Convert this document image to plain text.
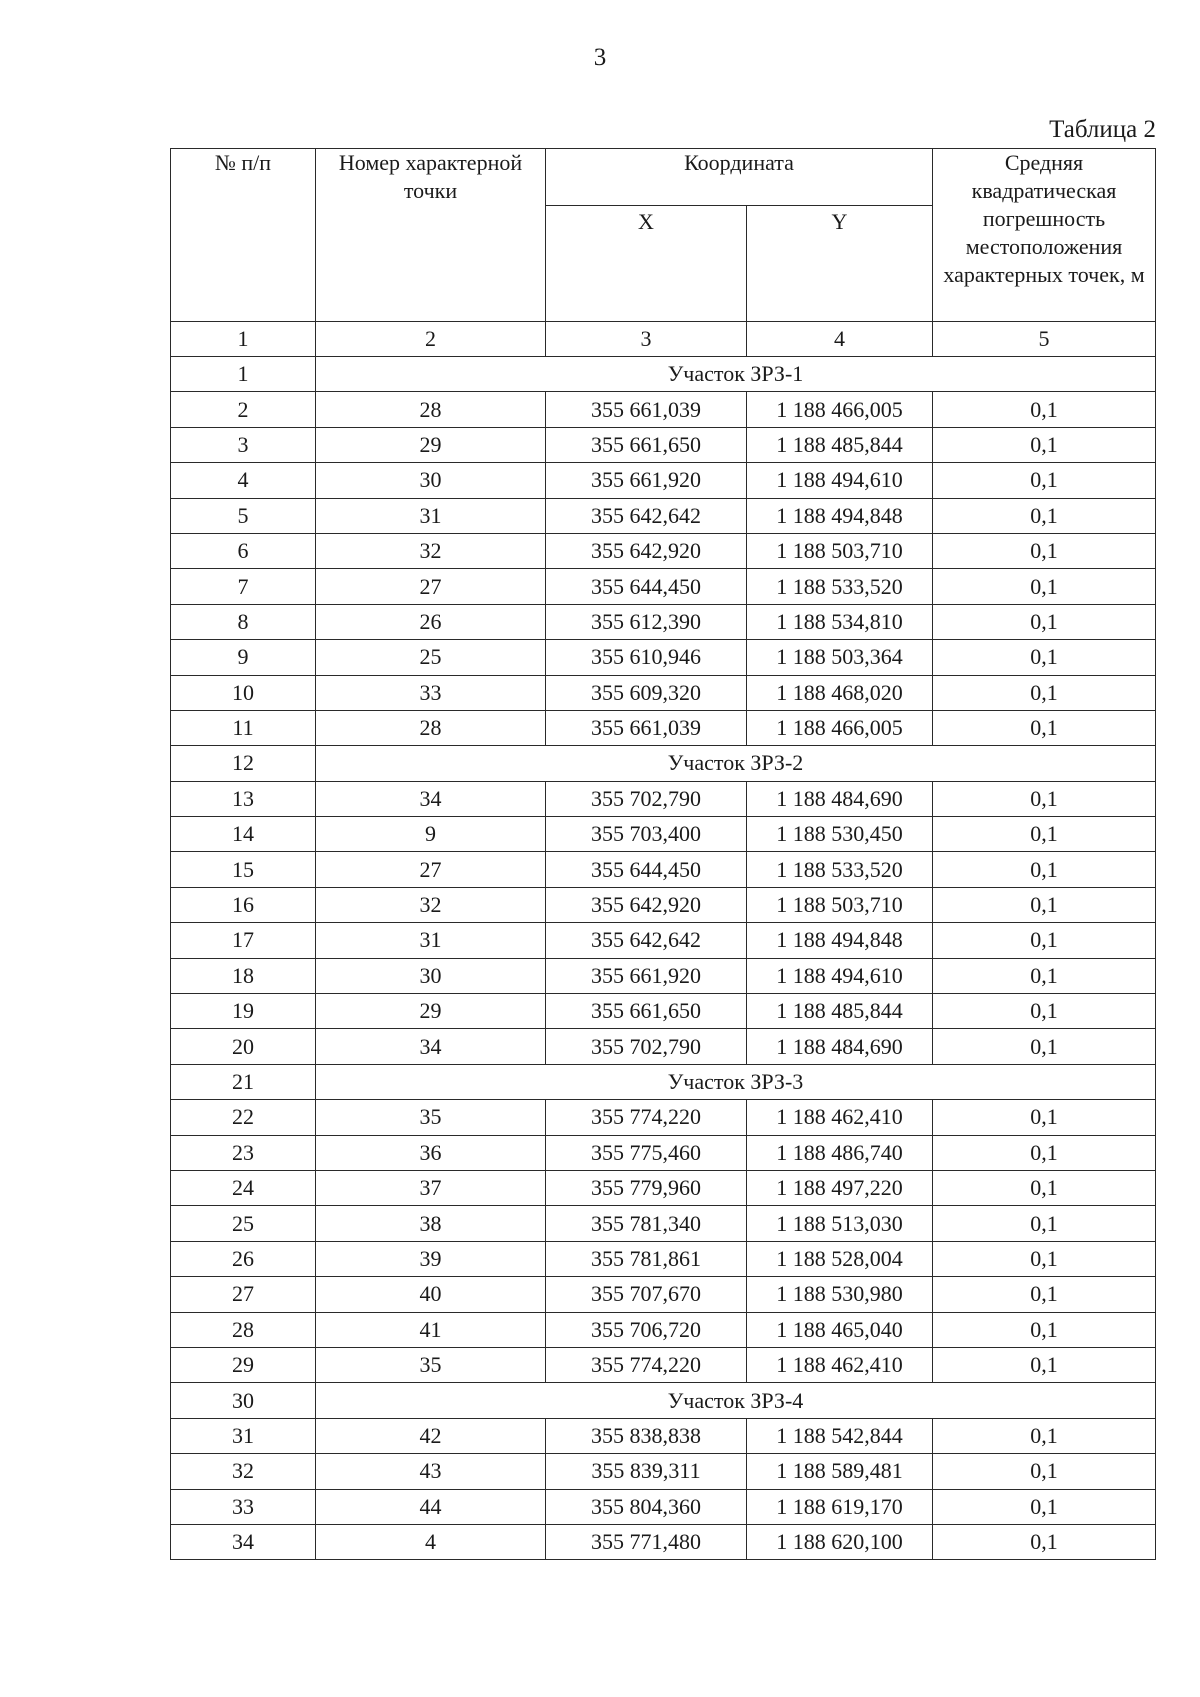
3
Таблица 2
№ п/п	Номер характерной точки	Координата		Средняя квадратическая погрешность местоположения характерных точек, м
		X	Y	
1	2	3	4	5
1	Участок ЗРЗ-1			
2	28	355 661,039	1 188 466,005	0,1
3	29	355 661,650	1 188 485,844	0,1
4	30	355 661,920	1 188 494,610	0,1
5	31	355 642,642	1 188 494,848	0,1
6	32	355 642,920	1 188 503,710	0,1
7	27	355 644,450	1 188 533,520	0,1
8	26	355 612,390	1 188 534,810	0,1
9	25	355 610,946	1 188 503,364	0,1
10	33	355 609,320	1 188 468,020	0,1
11	28	355 661,039	1 188 466,005	0,1
12	Участок ЗРЗ-2			
13	34	355 702,790	1 188 484,690	0,1
14	9	355 703,400	1 188 530,450	0,1
15	27	355 644,450	1 188 533,520	0,1
16	32	355 642,920	1 188 503,710	0,1
17	31	355 642,642	1 188 494,848	0,1
18	30	355 661,920	1 188 494,610	0,1
19	29	355 661,650	1 188 485,844	0,1
20	34	355 702,790	1 188 484,690	0,1
21	Участок ЗРЗ-3			
22	35	355 774,220	1 188 462,410	0,1
23	36	355 775,460	1 188 486,740	0,1
24	37	355 779,960	1 188 497,220	0,1
25	38	355 781,340	1 188 513,030	0,1
26	39	355 781,861	1 188 528,004	0,1
27	40	355 707,670	1 188 530,980	0,1
28	41	355 706,720	1 188 465,040	0,1
29	35	355 774,220	1 188 462,410	0,1
30	Участок ЗРЗ-4			
31	42	355 838,838	1 188 542,844	0,1
32	43	355 839,311	1 188 589,481	0,1
33	44	355 804,360	1 188 619,170	0,1
34	4	355 771,480	1 188 620,100	0,1
